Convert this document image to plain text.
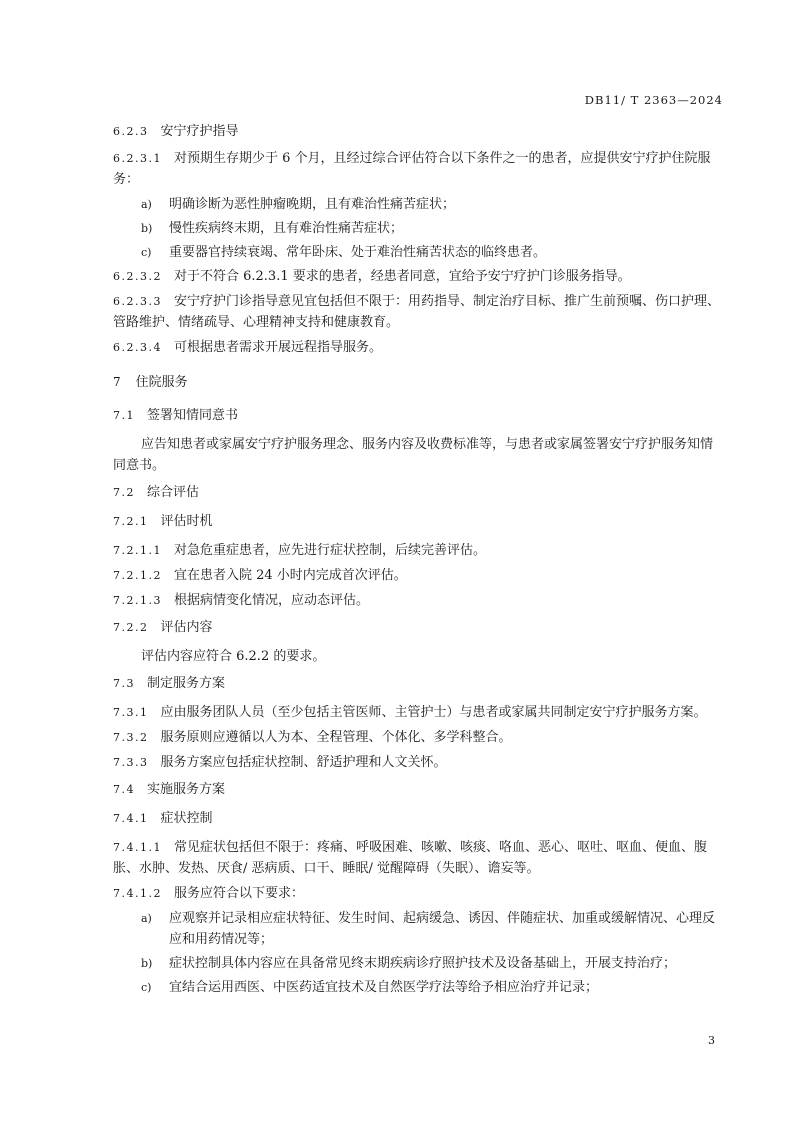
DB11/ T 2363—2024
6.2.3 安宁疗护指导
6.2.3.1 对预期生存期少于 6 个月，且经过综合评估符合以下条件之一的患者，应提供安宁疗护住院服务：
a) 明确诊断为恶性肿瘤晚期，且有难治性痛苦症状；
b) 慢性疾病终末期，且有难治性痛苦症状；
c) 重要器官持续衰竭、常年卧床、处于难治性痛苦状态的临终患者。
6.2.3.2 对于不符合 6.2.3.1 要求的患者，经患者同意，宜给予安宁疗护门诊服务指导。
6.2.3.3 安宁疗护门诊指导意见宜包括但不限于：用药指导、制定治疗目标、推广生前预嘱、伤口护理、管路维护、情绪疏导、心理精神支持和健康教育。
6.2.3.4 可根据患者需求开展远程指导服务。
7 住院服务
7.1 签署知情同意书
应告知患者或家属安宁疗护服务理念、服务内容及收费标准等，与患者或家属签署安宁疗护服务知情同意书。
7.2 综合评估
7.2.1 评估时机
7.2.1.1 对急危重症患者，应先进行症状控制，后续完善评估。
7.2.1.2 宜在患者入院 24 小时内完成首次评估。
7.2.1.3 根据病情变化情况，应动态评估。
7.2.2 评估内容
评估内容应符合 6.2.2 的要求。
7.3 制定服务方案
7.3.1 应由服务团队人员（至少包括主管医师、主管护士）与患者或家属共同制定安宁疗护服务方案。
7.3.2 服务原则应遵循以人为本、全程管理、个体化、多学科整合。
7.3.3 服务方案应包括症状控制、舒适护理和人文关怀。
7.4 实施服务方案
7.4.1 症状控制
7.4.1.1 常见症状包括但不限于：疼痛、呼吸困难、咳嗽、咳痰、咯血、恶心、呕吐、呕血、便血、腹胀、水肿、发热、厌食/ 恶病质、口干、睡眠/ 觉醒障碍（失眠）、谵妄等。
7.4.1.2 服务应符合以下要求：
a) 应观察并记录相应症状特征、发生时间、起病缓急、诱因、伴随症状、加重或缓解情况、心理反应和用药情况等；
b) 症状控制具体内容应在具备常见终末期疾病诊疗照护技术及设备基础上，开展支持治疗；
c) 宜结合运用西医、中医药适宜技术及自然医学疗法等给予相应治疗并记录；
3
